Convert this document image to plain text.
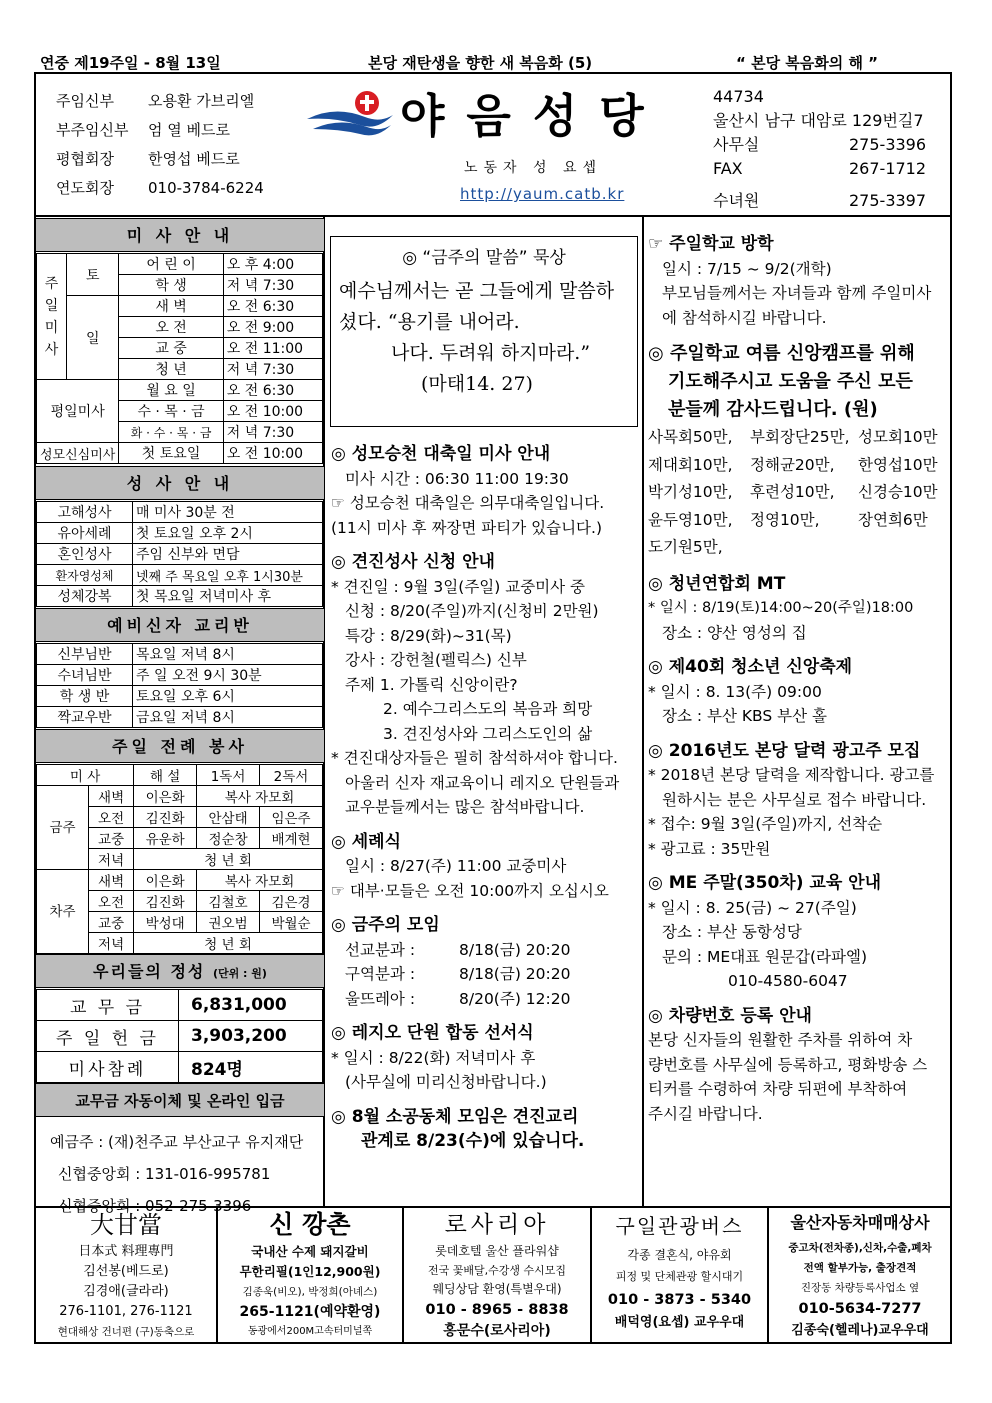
연중 제19주일 - 8월 13일	본당 재탄생을 향한 새 복음화 (5)	“ 본당 복음화의 해 ”
주임신부 오용환 가브리엘
부주임신부 엄 열 베드로
평협회장 한영섭 베드로
연도회장 010-3784-6224
야음성당
노동자 성 요셉
http://yaum.catb.kr
44734
울산시 남구 대암로 129번길7
사무실	275-3396
FAX	267-1712
수녀원	275-3397
미 사 안 내
주일미사	토	어 린 이	오 후 4:00
		학 생	저 녁 7:30
	일	새 벽	오 전 6:30
		오 전	오 전 9:00
		교 중	오 전 11:00
		청 년	저 녁 7:30
평일미사		월 요 일	오 전 6:30
		수 · 목 · 금	오 전 10:00
		화 · 수 · 목 · 금	저 녁 7:30
성모신심미사		첫 토요일	오 전 10:00
성 사 안 내
고해성사	매 미사 30분 전
유아세례	첫 토요일 오후 2시
혼인성사	주임 신부와 면담
환자영성체	넷째 주 목요일 오후 1시30분
성체강복	첫 목요일 저녁미사 후
예비신자 교리반
신부님반	목요일 저녁 8시
수녀님반	주 일 오전 9시 30분
학 생 반	토요일 오후 6시
짝교우반	금요일 저녁 8시
주일 전례 봉사
미 사		해 설	1독서	2독서
금주	새벽	이은화	복사 자모회	
	오전	김진화	안삼태	임은주
	교중	유운하	정순창	배계현
	저녁	청 년 회		
차주	새벽	이은화	복사 자모회	
	오전	김진화	김철호	김은경
	교중	박성대	권오범	박월순
	저녁	청 년 회		
우리들의 정성 (단위 : 원)
교 무 금	6,831,000
주 일 헌 금	3,903,200
미사참례	824명
교무금 자동이체 및 온라인 입금
예금주 : (재)천주교 부산교구 유지재단
신협중앙회 : 131-016-995781
신협중앙회 : 052-275-3396
◎ “금주의 말씀” 묵상
예수님께서는 곧 그들에게 말씀하
셨다. “용기를 내어라.
나다. 두려워 하지마라.”
(마태14. 27)
◎ 성모승천 대축일 미사 안내
미사 시간 : 06:30 11:00 19:30
☞ 성모승천 대축일은 의무대축일입니다.
(11시 미사 후 짜장면 파티가 있습니다.)
◎ 견진성사 신청 안내
* 견진일 : 9월 3일(주일) 교중미사 중
신청 : 8/20(주일)까지(신청비 2만원)
특강 : 8/29(화)~31(목)
강사 : 강헌철(펠릭스) 신부
주제 1. 가톨릭 신앙이란?
2. 예수그리스도의 복음과 희망
3. 견진성사와 그리스도인의 삶
* 견진대상자들은 필히 참석하셔야 합니다.
아울러 신자 재교육이니 레지오 단원들과
교우분들께서는 많은 참석바랍니다.
◎ 세례식
일시 : 8/27(주) 11:00 교중미사
☞ 대부·모들은 오전 10:00까지 오십시오
◎ 금주의 모임
선교분과 :	8/18(금) 20:20
구역분과 :	8/18(금) 20:20
울뜨레아 :	8/20(주) 12:20
◎ 레지오 단원 합동 선서식
* 일시 : 8/22(화) 저녁미사 후
(사무실에 미리신청바랍니다.)
◎ 8월 소공동체 모임은 견진교리
관계로 8/23(수)에 있습니다.
☞ 주일학교 방학
일시 : 7/15 ~ 9/2(개학)
부모님들께서는 자녀들과 함께 주일미사
에 참석하시길 바랍니다.
◎ 주일학교 여름 신앙캠프를 위해
기도해주시고 도움을 주신 모든
분들께 감사드립니다. (원)
사목회50만, 부회장단25만, 성모회10만
제대회10만, 정해균20만, 한영섭10만
박기성10만, 후련성10만, 신경승10만
윤두영10만, 정영10만, 장연희6만
도기원5만,
◎ 청년연합회 MT
* 일시 : 8/19(토)14:00~20(주일)18:00
장소 : 양산 영성의 집
◎ 제40회 청소년 신앙축제
* 일시 : 8. 13(주) 09:00
장소 : 부산 KBS 부산 홀
◎ 2016년도 본당 달력 광고주 모집
* 2018년 본당 달력을 제작합니다. 광고를
원하시는 분은 사무실로 접수 바랍니다.
* 접수: 9월 3일(주일)까지, 선착순
* 광고료 : 35만원
◎ ME 주말(350차) 교육 안내
* 일시 : 8. 25(금) ~ 27(주일)
장소 : 부산 동항성당
문의 : ME대표 원문갑(라파엘)
010-4580-6047
◎ 차량번호 등록 안내
본당 신자들의 원활한 주차를 위하여 차
량번호를 사무실에 등록하고, 평화방송 스
티커를 수령하여 차량 뒤편에 부착하여
주시길 바랍니다.
大甘當
日本式 料理專門
김선봉(베드로)
김경애(글라라)
276-1101, 276-1121
현대해상 건너편 (구)동축으로
신 깡촌
국내산 수제 돼지갈비
무한리필(1인12,900원)
김종욱(비오), 박정희(아녜스)
265-1121(예약환영)
동광에서200M고속터미널쪽
로사리아
롯데호텔 울산 플라워샵
전국 꽃배달,수강생 수시모집
웨딩상담 환영(특별우대)
010 - 8965 - 8838
홍문수(로사리아)
구일관광버스
각종 결혼식, 야유회
피정 및 단체관광 할시대기
010 - 3873 - 5340
배덕영(요셉) 교우우대
울산자동차매매상사
중고차(전차종),신차,수출,폐차
전액 할부가능, 출장견적
진장동 차량등록사업소 옆
010-5634-7277
김종숙(헬레나)교우우대
